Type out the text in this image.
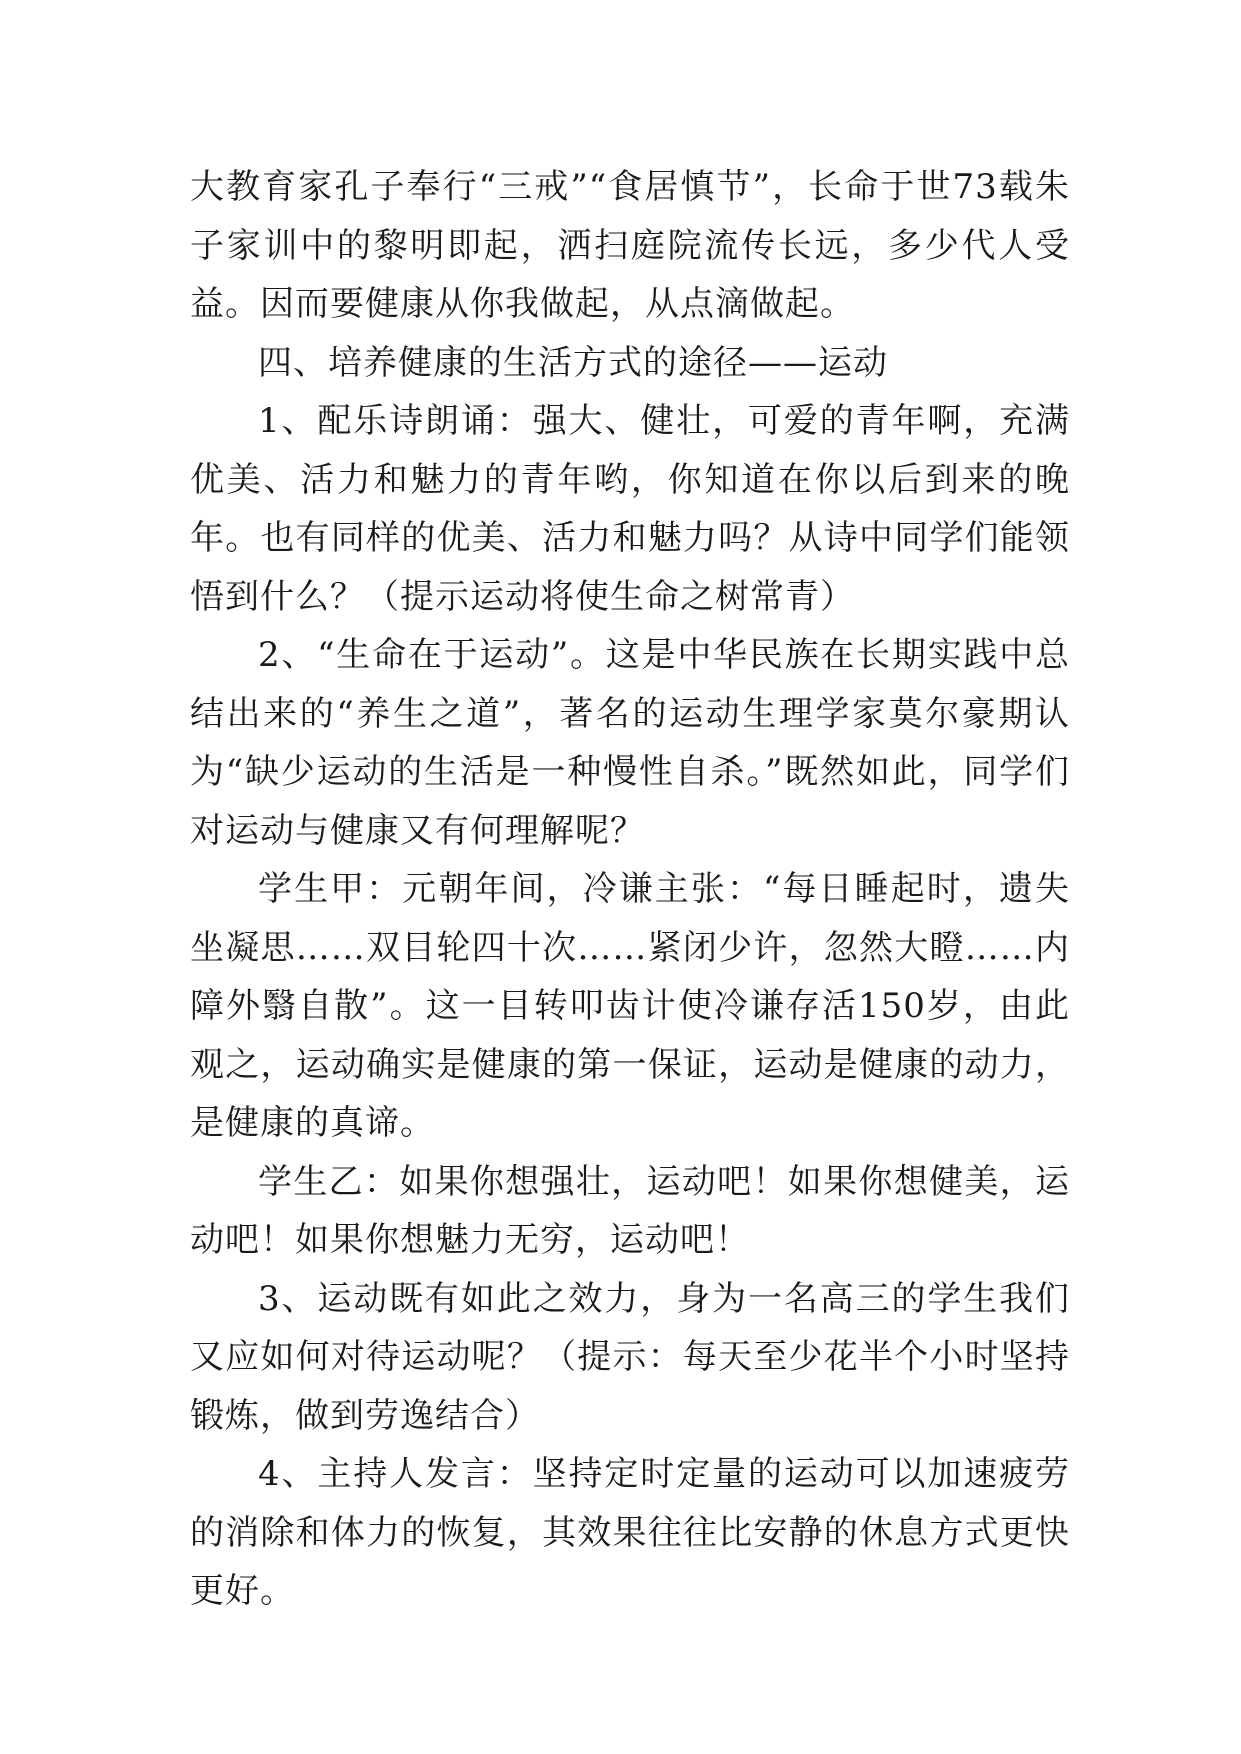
大教育家孔子奉行“三戒”“食居慎节”，长命于世73载朱子家训中的黎明即起，洒扫庭院流传长远，多少代人受益。因而要健康从你我做起，从点滴做起。

四、培养健康的生活方式的途径——运动

1、配乐诗朗诵：强大、健壮，可爱的青年啊，充满优美、活力和魅力的青年哟，你知道在你以后到来的晚年。也有同样的优美、活力和魅力吗？从诗中同学们能领悟到什么？（提示运动将使生命之树常青）

2、“生命在于运动”。这是中华民族在长期实践中总结出来的“养生之道”，著名的运动生理学家莫尔豪期认为“缺少运动的生活是一种慢性自杀。”既然如此，同学们对运动与健康又有何理解呢？

学生甲：元朝年间，冷谦主张：“每日睡起时，遗失坐凝思……双目轮四十次……紧闭少许，忽然大瞪……内障外翳自散”。这一目转叩齿计使冷谦存活150岁，由此观之，运动确实是健康的第一保证，运动是健康的动力，是健康的真谛。

学生乙：如果你想强壮，运动吧！如果你想健美，运动吧！如果你想魅力无穷，运动吧！

3、运动既有如此之效力，身为一名高三的学生我们又应如何对待运动呢？（提示：每天至少花半个小时坚持锻炼，做到劳逸结合）

4、主持人发言：坚持定时定量的运动可以加速疲劳的消除和体力的恢复，其效果往往比安静的休息方式更快更好。
